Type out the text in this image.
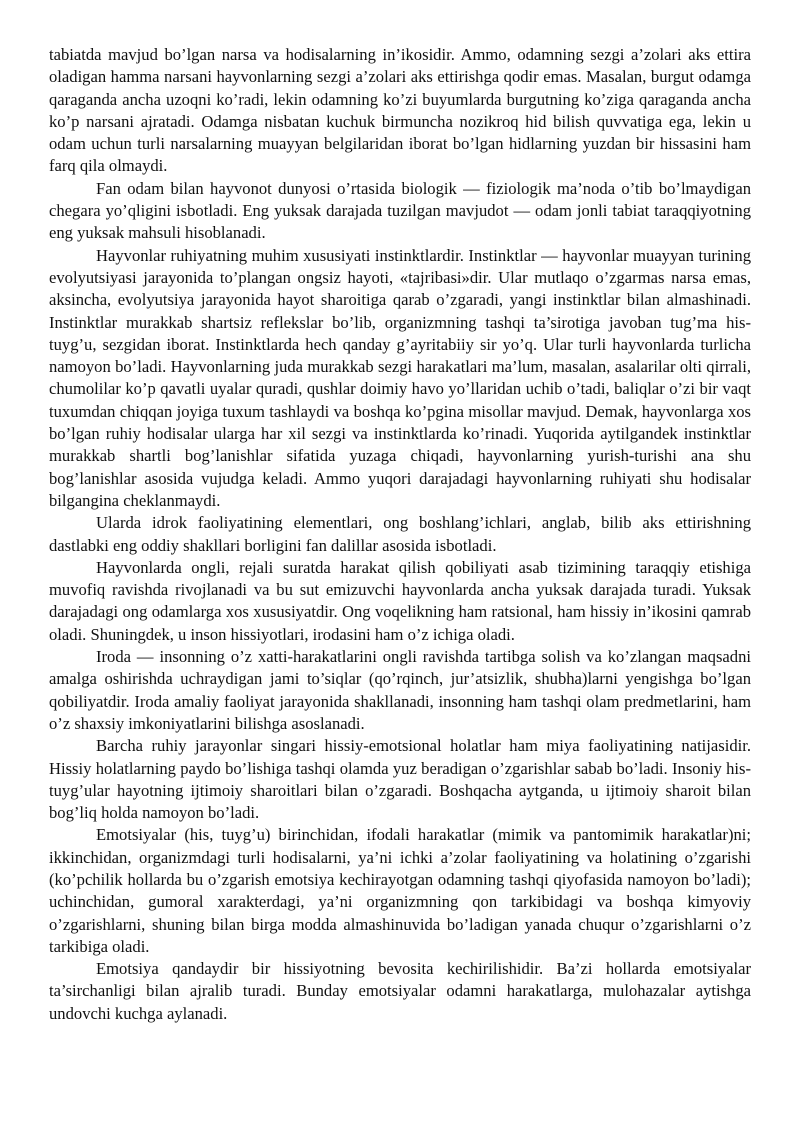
tabiatda mavjud bo’lgan narsa va hodisalarning in’ikosidir. Ammo, odamning sezgi a’zolari aks ettira oladigan hamma narsani hayvonlarning sezgi a’zolari aks ettirishga qodir emas. Masalan, burgut odamga qaraganda ancha uzoqni ko’radi, lekin odamning ko’zi buyumlarda burgutning ko’ziga qaraganda ancha ko’p narsani ajratadi. Odamga nisbatan kuchuk birmuncha nozikroq hid bilish quvvatiga ega, lekin u odam uchun turli narsalarning muayyan belgilaridan iborat bo’lgan hidlarning yuzdan bir hissasini ham farq qila olmaydi.

Fan odam bilan hayvonot dunyosi o’rtasida biologik — fiziologik ma’noda o’tib bo’lmaydigan chegara yo’qligini isbotladi. Eng yuksak darajada tuzilgan mavjudot — odam jonli tabiat taraqqiyotning eng yuksak mahsuli hisoblanadi.

Hayvonlar ruhiyatning muhim xususiyati instinktlardir. Instinktlar — hayvonlar muayyan turining evolyutsiyasi jarayonida to’plangan ongsiz hayoti, «tajribasi»dir. Ular mutlaqo o’zgarmas narsa emas, aksincha, evolyutsiya jarayonida hayot sharoitiga qarab o’zgaradi, yangi instinktlar bilan almashinadi. Instinktlar murakkab shartsiz reflekslar bo’lib, organizmning tashqi ta’sirotiga javoban tug’ma his-tuyg’u, sezgidan iborat. Instinktlarda hech qanday g’ayritabiiy sir yo’q. Ular turli hayvonlarda turlicha namoyon bo’ladi. Hayvonlarning juda murakkab sezgi harakatlari ma’lum, masalan, asalarilar olti qirrali, chumolilar ko’p qavatli uyalar quradi, qushlar doimiy havo yo’llaridan uchib o’tadi, baliqlar o’zi bir vaqt tuxumdan chiqqan joyiga tuxum tashlaydi va boshqa ko’pgina misollar mavjud. Demak, hayvonlarga xos bo’lgan ruhiy hodisalar ularga har xil sezgi va instinktlarda ko’rinadi. Yuqorida aytilgandek instinktlar murakkab shartli bog’lanishlar sifatida yuzaga chiqadi, hayvonlarning yurish-turishi ana shu bog’lanishlar asosida vujudga keladi. Ammo yuqori darajadagi hayvonlarning ruhiyati shu hodisalar bilgangina cheklanmaydi.

Ularda idrok faoliyatining elementlari, ong boshlang’ichlari, anglab, bilib aks ettirishning dastlabki eng oddiy shakllari borligini fan dalillar asosida isbotladi.

Hayvonlarda ongli, rejali suratda harakat qilish qobiliyati asab tizimining taraqqiy etishiga muvofiq ravishda rivojlanadi va bu sut emizuvchi hayvonlarda ancha yuksak darajada turadi. Yuksak darajadagi ong odamlarga xos xususiyatdir. Ong voqelikning ham ratsional, ham hissiy in’ikosini qamrab oladi. Shuningdek, u inson hissiyotlari, irodasini ham o’z ichiga oladi.

Iroda — insonning o’z xatti-harakatlarini ongli ravishda tartibga solish va ko’zlangan maqsadni amalga oshirishda uchraydigan jami to’siqlar (qo’rqinch, jur’atsizlik, shubha)larni yengishga bo’lgan qobiliyatdir. Iroda amaliy faoliyat jarayonida shakllanadi, insonning ham tashqi olam predmetlarini, ham o’z shaxsiy imkoniyatlarini bilishga asoslanadi.

Barcha ruhiy jarayonlar singari hissiy-emotsional holatlar ham miya faoliyatining natijasidir. Hissiy holatlarning paydo bo’lishiga tashqi olamda yuz beradigan o’zgarishlar sabab bo’ladi. Insoniy his-tuyg’ular hayotning ijtimoiy sharoitlari bilan o’zgaradi. Boshqacha aytganda, u ijtimoiy sharoit bilan bog’liq holda namoyon bo’ladi.

Emotsiyalar (his, tuyg’u) birinchidan, ifodali harakatlar (mimik va pantomimik harakatlar)ni; ikkinchidan, organizmdagi turli hodisalarni, ya’ni ichki a’zolar faoliyatining va holatining o’zgarishi (ko’pchilik hollarda bu o’zgarish emotsiya kechirayotgan odamning tashqi qiyofasida namoyon bo’ladi); uchinchidan, gumoral xarakterdagi, ya’ni organizmning qon tarkibidagi va boshqa kimyoviy o’zgarishlarni, shuning bilan birga modda almashinuvida bo’ladigan yanada chuqur o’zgarishlarni o’z tarkibiga oladi.

Emotsiya qandaydir bir hissiyotning bevosita kechirilishidir. Ba’zi hollarda emotsiyalar ta’sirchanligi bilan ajralib turadi. Bunday emotsiyalar odamni harakatlarga, mulohazalar aytishga undovchi kuchga aylanadi.
